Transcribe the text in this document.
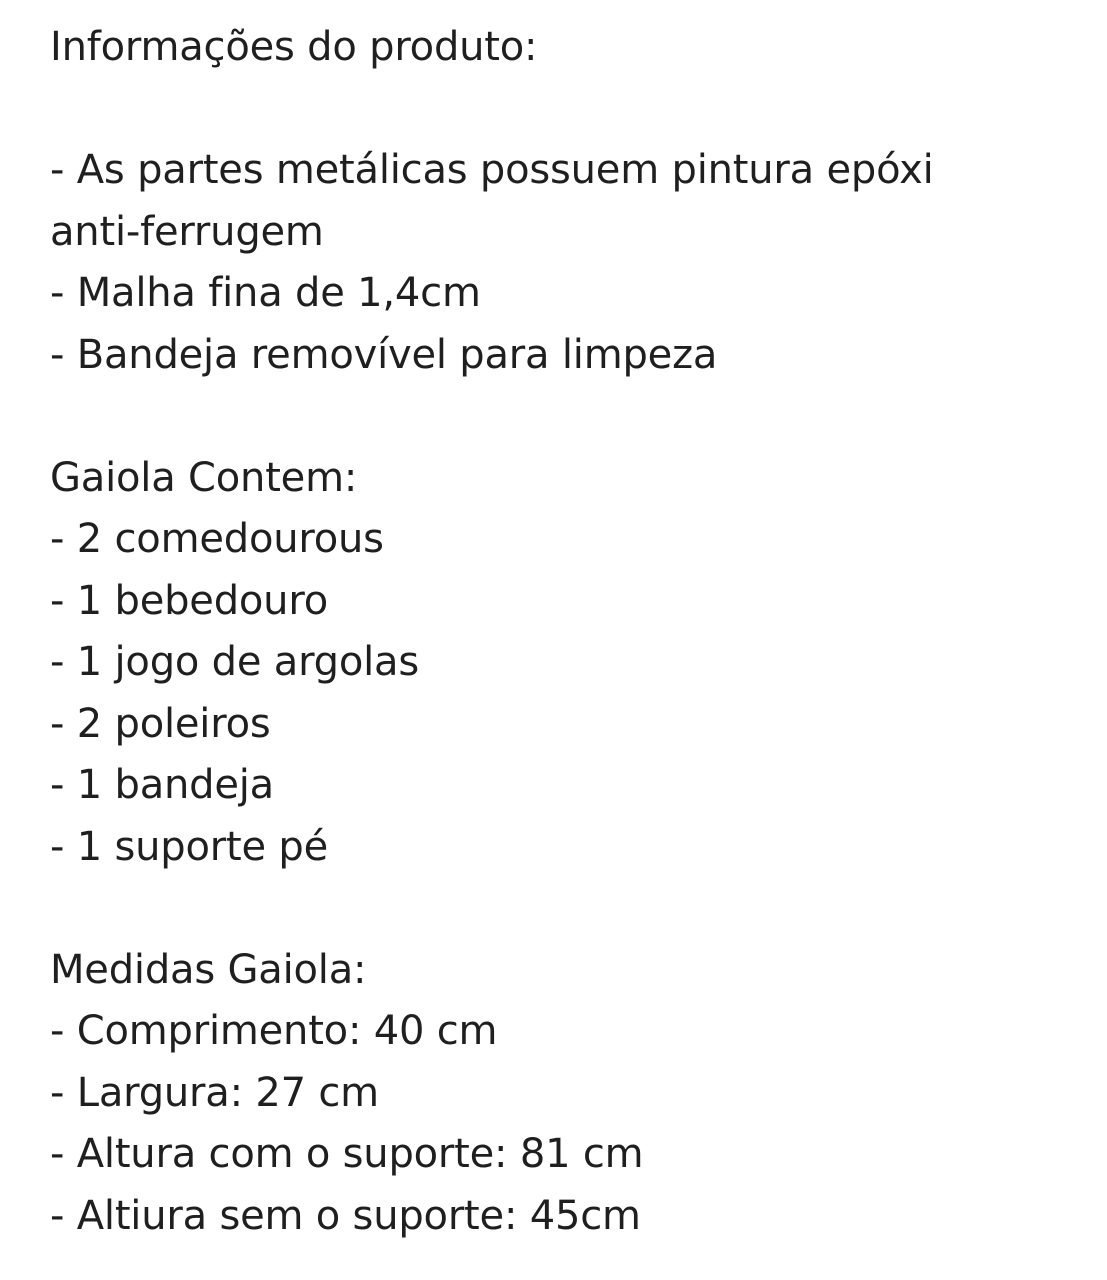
Informações do produto:
- As partes metálicas possuem pintura epóxi
anti-ferrugem
- Malha fina de 1,4cm
- Bandeja removível para limpeza
Gaiola Contem:
- 2 comedourous
- 1 bebedouro
- 1 jogo de argolas
- 2 poleiros
- 1 bandeja
- 1 suporte pé
Medidas Gaiola:
- Comprimento: 40 cm
- Largura: 27 cm
- Altura com o suporte: 81 cm
- Altiura sem o suporte: 45cm
